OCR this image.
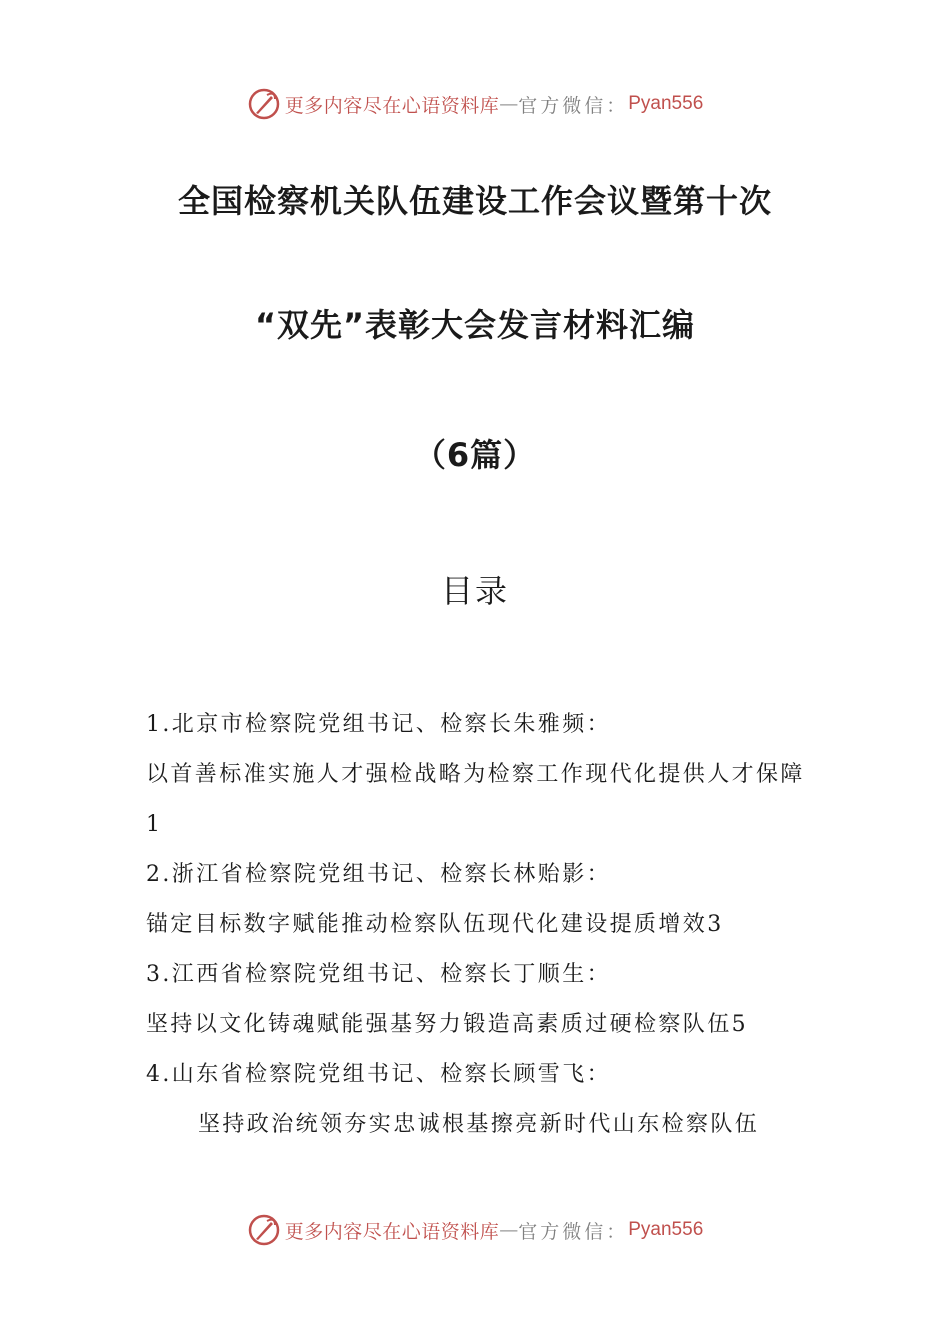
更多内容尽在心语资料库 — 官方微信： Pyan556
全国检察机关队伍建设工作会议暨第十次
“双先”表彰大会发言材料汇编
（6篇）
目录
1.北京市检察院党组书记、检察长朱雅频：
以首善标准实施人才强检战略为检察工作现代化提供人才保障1
2.浙江省检察院党组书记、检察长林贻影：
锚定目标数字赋能推动检察队伍现代化建设提质增效3
3.江西省检察院党组书记、检察长丁顺生：
坚持以文化铸魂赋能强基努力锻造高素质过硬检察队伍5
4.山东省检察院党组书记、检察长顾雪飞：
坚持政治统领夯实忠诚根基擦亮新时代山东检察队伍
更多内容尽在心语资料库 — 官方微信： Pyan556
